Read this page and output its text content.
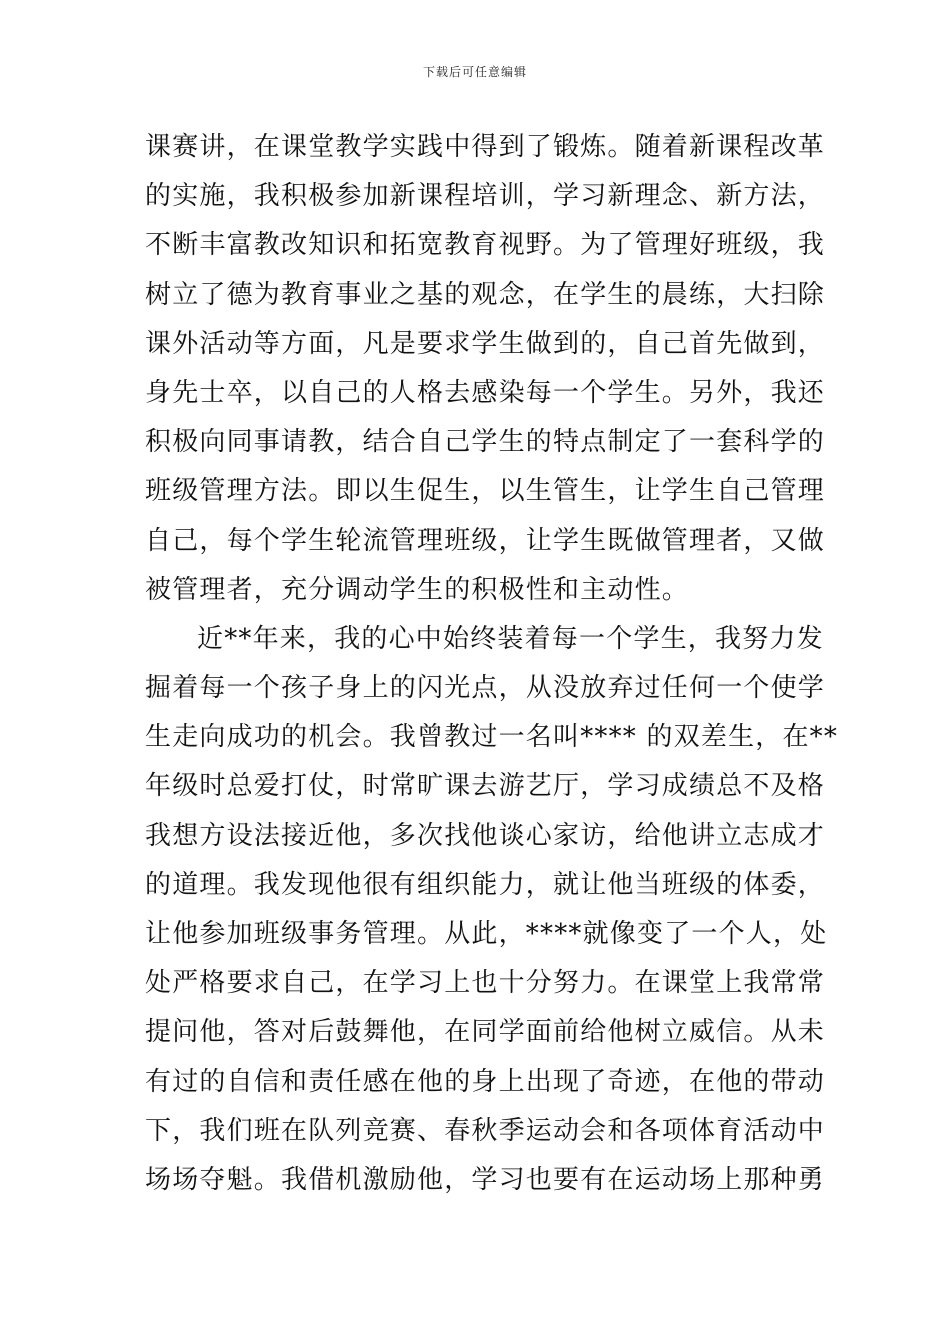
下载后可任意编辑
课赛讲，在课堂教学实践中得到了锻炼。随着新课程改革
的实施，我积极参加新课程培训，学习新理念、新方法，
不断丰富教改知识和拓宽教育视野。为了管理好班级，我
树立了德为教育事业之基的观念，在学生的晨练，大扫除
课外活动等方面，凡是要求学生做到的，自己首先做到，
身先士卒，以自己的人格去感染每一个学生。另外，我还
积极向同事请教，结合自己学生的特点制定了一套科学的
班级管理方法。即以生促生，以生管生，让学生自己管理
自己，每个学生轮流管理班级，让学生既做管理者，又做
被管理者，充分调动学生的积极性和主动性。
近**年来，我的心中始终装着每一个学生，我努力发
掘着每一个孩子身上的闪光点，从没放弃过任何一个使学
生走向成功的机会。我曾教过一名叫**** 的双差生，在**
年级时总爱打仗，时常旷课去游艺厅，学习成绩总不及格
我想方设法接近他，多次找他谈心家访，给他讲立志成才
的道理。我发现他很有组织能力，就让他当班级的体委，
让他参加班级事务管理。从此，****就像变了一个人，处
处严格要求自己，在学习上也十分努力。在课堂上我常常
提问他，答对后鼓舞他，在同学面前给他树立威信。从未
有过的自信和责任感在他的身上出现了奇迹，在他的带动
下，我们班在队列竞赛、春秋季运动会和各项体育活动中
场场夺魁。我借机激励他，学习也要有在运动场上那种勇
